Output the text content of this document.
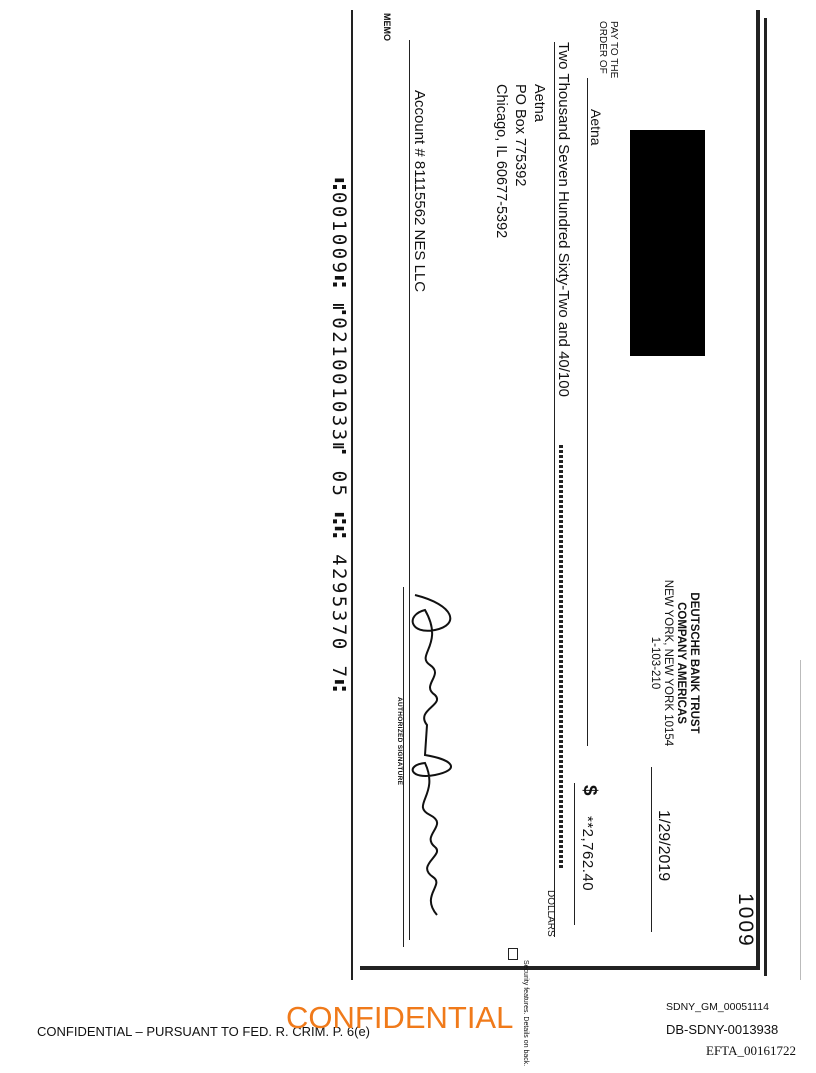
DEUTSCHE BANK TRUST
COMPANY AMERICAS
NEW YORK, NEW YORK 10154
1-103-210
1009
1/29/2019
PAY TO THE
ORDER OF
Aetna
$
**2,762.40
Two Thousand Seven Hundred Sixty-Two and 40/100
DOLLARS
Aetna
PO Box 775392
Chicago, IL 60677-5392
Security features. Details on back.
Account # 81115562 NES LLC
MEMO
AUTHORIZED SIGNATURE
⑆001009⑆ ⑈021001033⑈ 05 ⑆⑆ 4295370 7⑆
CONFIDENTIAL – PURSUANT TO FED. R. CRIM. P. 6(e)
CONFIDENTIAL	SDNY_GM_00051114
DB-SDNY-0013938
EFTA_00161722
